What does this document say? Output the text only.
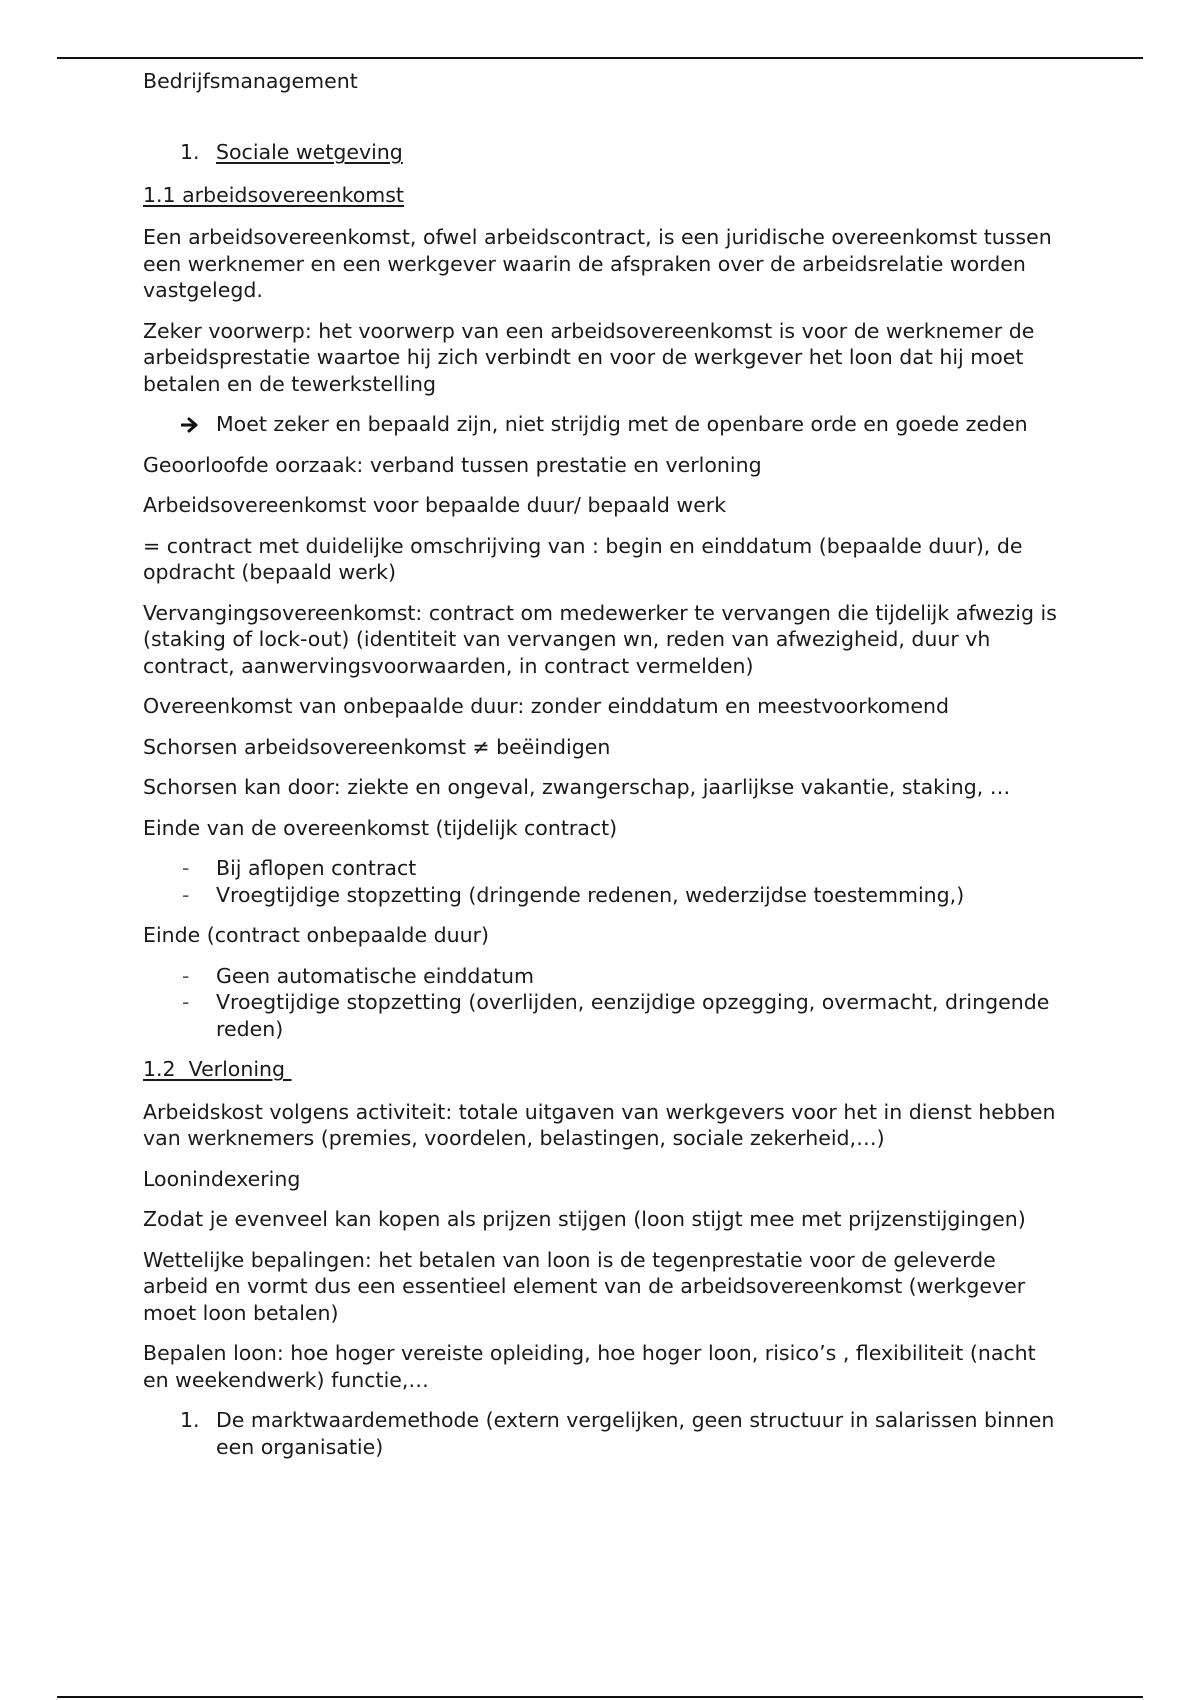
Bedrijfsmanagement

1. Sociale wetgeving

1.1 arbeidsovereenkomst

Een arbeidsovereenkomst, ofwel arbeidscontract, is een juridische overeenkomst tussen een werknemer en een werkgever waarin de afspraken over de arbeidsrelatie worden vastgelegd.

Zeker voorwerp: het voorwerp van een arbeidsovereenkomst is voor de werknemer de arbeidsprestatie waartoe hij zich verbindt en voor de werkgever het loon dat hij moet betalen en de tewerkstelling

Moet zeker en bepaald zijn, niet strijdig met de openbare orde en goede zeden

Geoorloofde oorzaak: verband tussen prestatie en verloning

Arbeidsovereenkomst voor bepaalde duur/ bepaald werk

= contract met duidelijke omschrijving van : begin en einddatum (bepaalde duur), de opdracht (bepaald werk)

Vervangingsovereenkomst: contract om medewerker te vervangen die tijdelijk afwezig is (staking of lock-out) (identiteit van vervangen wn, reden van afwezigheid, duur vh contract, aanwervingsvoorwaarden, in contract vermelden)

Overeenkomst van onbepaalde duur: zonder einddatum en meestvoorkomend

Schorsen arbeidsovereenkomst ≠ beëindigen

Schorsen kan door: ziekte en ongeval, zwangerschap, jaarlijkse vakantie, staking, …

Einde van de overeenkomst (tijdelijk contract)

- Bij aflopen contract
- Vroegtijdige stopzetting (dringende redenen, wederzijdse toestemming,)

Einde (contract onbepaalde duur)

- Geen automatische einddatum
- Vroegtijdige stopzetting (overlijden, eenzijdige opzegging, overmacht, dringende reden)

1.2  Verloning

Arbeidskost volgens activiteit: totale uitgaven van werkgevers voor het in dienst hebben van werknemers (premies, voordelen, belastingen, sociale zekerheid,…)

Loonindexering

Zodat je evenveel kan kopen als prijzen stijgen (loon stijgt mee met prijzenstijgingen)

Wettelijke bepalingen: het betalen van loon is de tegenprestatie voor de geleverde arbeid en vormt dus een essentieel element van de arbeidsovereenkomst (werkgever moet loon betalen)

Bepalen loon: hoe hoger vereiste opleiding, hoe hoger loon, risico’s , flexibiliteit (nacht en weekendwerk) functie,…

1. De marktwaardemethode (extern vergelijken, geen structuur in salarissen binnen een organisatie)
